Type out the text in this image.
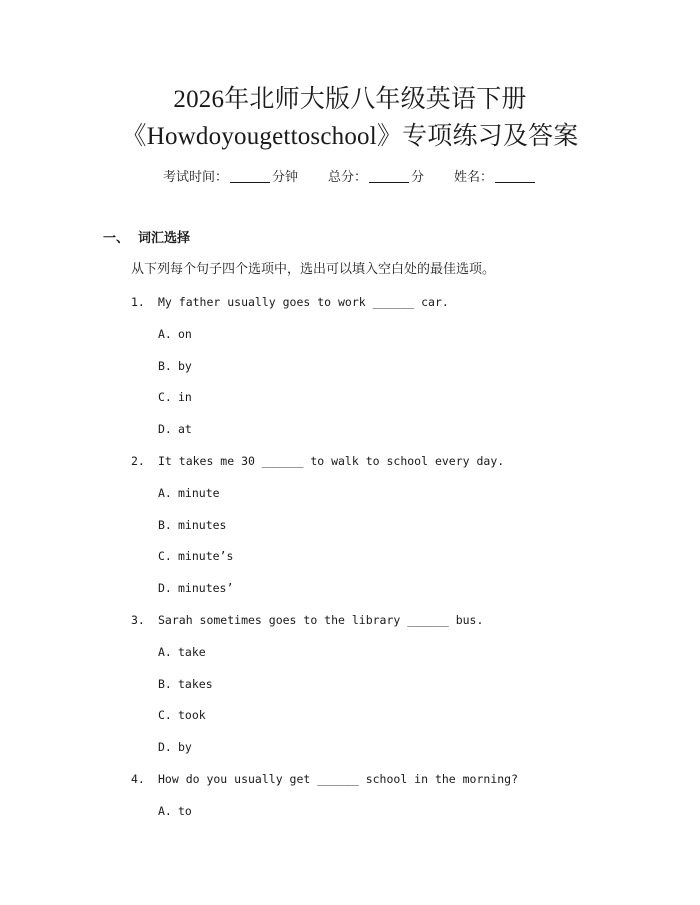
2026年北师大版八年级英语下册
《Howdoyougettoschool》专项练习及答案
考试时间：	分钟 总分：	分 姓名：
一、 词汇选择
从下列每个句子四个选项中，选出可以填入空白处的最佳选项。
1. My father usually goes to work ______ car.
A. on
B. by
C. in
D. at
2. It takes me 30 ______ to walk to school every day.
A. minute
B. minutes
C. minute’s
D. minutes’
3. Sarah sometimes goes to the library ______ bus.
A. take
B. takes
C. took
D. by
4. How do you usually get ______ school in the morning?
A. to
